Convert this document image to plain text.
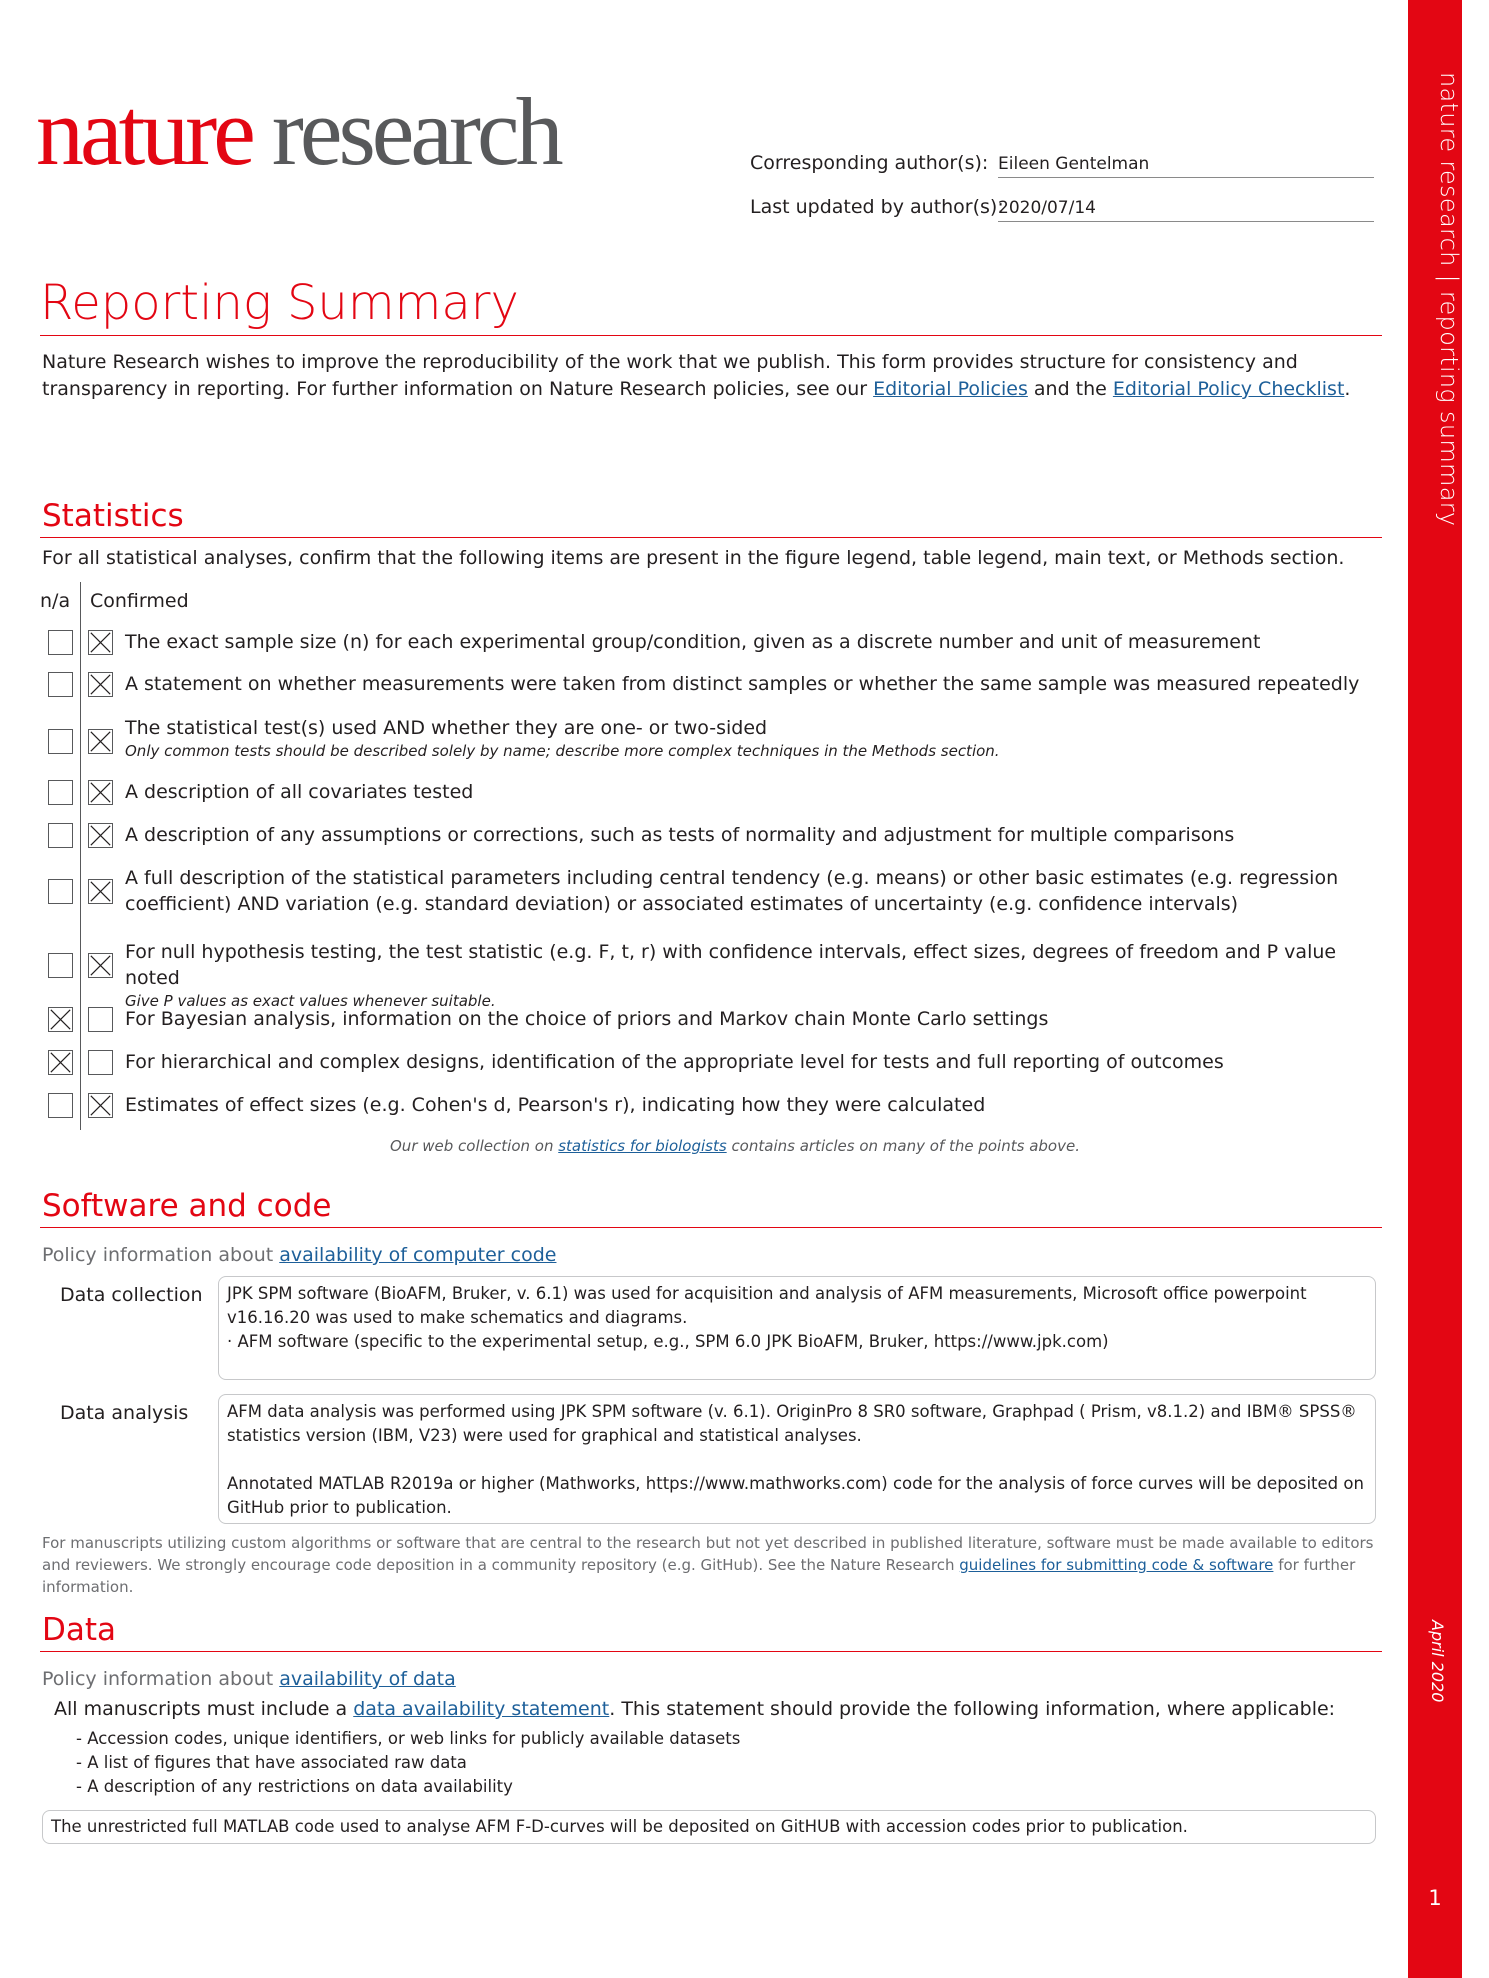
nature research | reporting summary
April 2020
1
nature research	Corresponding author(s): Eileen Gentelman
Last updated by author(s):
2020/07/14
Reporting Summary
Nature Research wishes to improve the reproducibility of the work that we publish. This form provides structure for consistency and transparency in reporting. For further information on Nature Research policies, see our Editorial Policies and the Editorial Policy Checklist.
Statistics
For all statistical analyses, confirm that the following items are present in the figure legend, table legend, main text, or Methods section.
n/a Confirmed
The exact sample size (n) for each experimental group/condition, given as a discrete number and unit of measurement
A statement on whether measurements were taken from distinct samples or whether the same sample was measured repeatedly
The statistical test(s) used AND whether they are one- or two-sided
Only common tests should be described solely by name; describe more complex techniques in the Methods section.
A description of all covariates tested
A description of any assumptions or corrections, such as tests of normality and adjustment for multiple comparisons
A full description of the statistical parameters including central tendency (e.g. means) or other basic estimates (e.g. regression coefficient) AND variation (e.g. standard deviation) or associated estimates of uncertainty (e.g. confidence intervals)
For null hypothesis testing, the test statistic (e.g. F, t, r) with confidence intervals, effect sizes, degrees of freedom and P value noted
Give P values as exact values whenever suitable.
For Bayesian analysis, information on the choice of priors and Markov chain Monte Carlo settings
For hierarchical and complex designs, identification of the appropriate level for tests and full reporting of outcomes
Estimates of effect sizes (e.g. Cohen's d, Pearson's r), indicating how they were calculated
Our web collection on statistics for biologists contains articles on many of the points above.
Software and code
Policy information about availability of computer code
Data collection JPK SPM software (BioAFM, Bruker, v. 6.1) was used for acquisition and analysis of AFM measurements, Microsoft office powerpoint v16.16.20 was used to make schematics and diagrams.

· AFM software (specific to the experimental setup, e.g., SPM 6.0 JPK BioAFM, Bruker, https://www.jpk.com)

Data analysis AFM data analysis was performed using JPK SPM software (v. 6.1). OriginPro 8 SR0 software, Graphpad ( Prism, v8.1.2) and IBM® SPSS® statistics version (IBM, V23) were used for graphical and statistical analyses.

Annotated MATLAB R2019a or higher (Mathworks, https://www.mathworks.com) code for the analysis of force curves will be deposited on GitHub prior to publication.

For manuscripts utilizing custom algorithms or software that are central to the research but not yet described in published literature, software must be made available to editors and reviewers. We strongly encourage code deposition in a community repository (e.g. GitHub). See the Nature Research guidelines for submitting code & software for further information.
Data
Policy information about availability of data
All manuscripts must include a data availability statement. This statement should provide the following information, where applicable:
- Accession codes, unique identifiers, or web links for publicly available datasets
- A list of figures that have associated raw data
- A description of any restrictions on data availability
The unrestricted full MATLAB code used to analyse AFM F-D-curves will be deposited on GitHUB with accession codes prior to publication.
